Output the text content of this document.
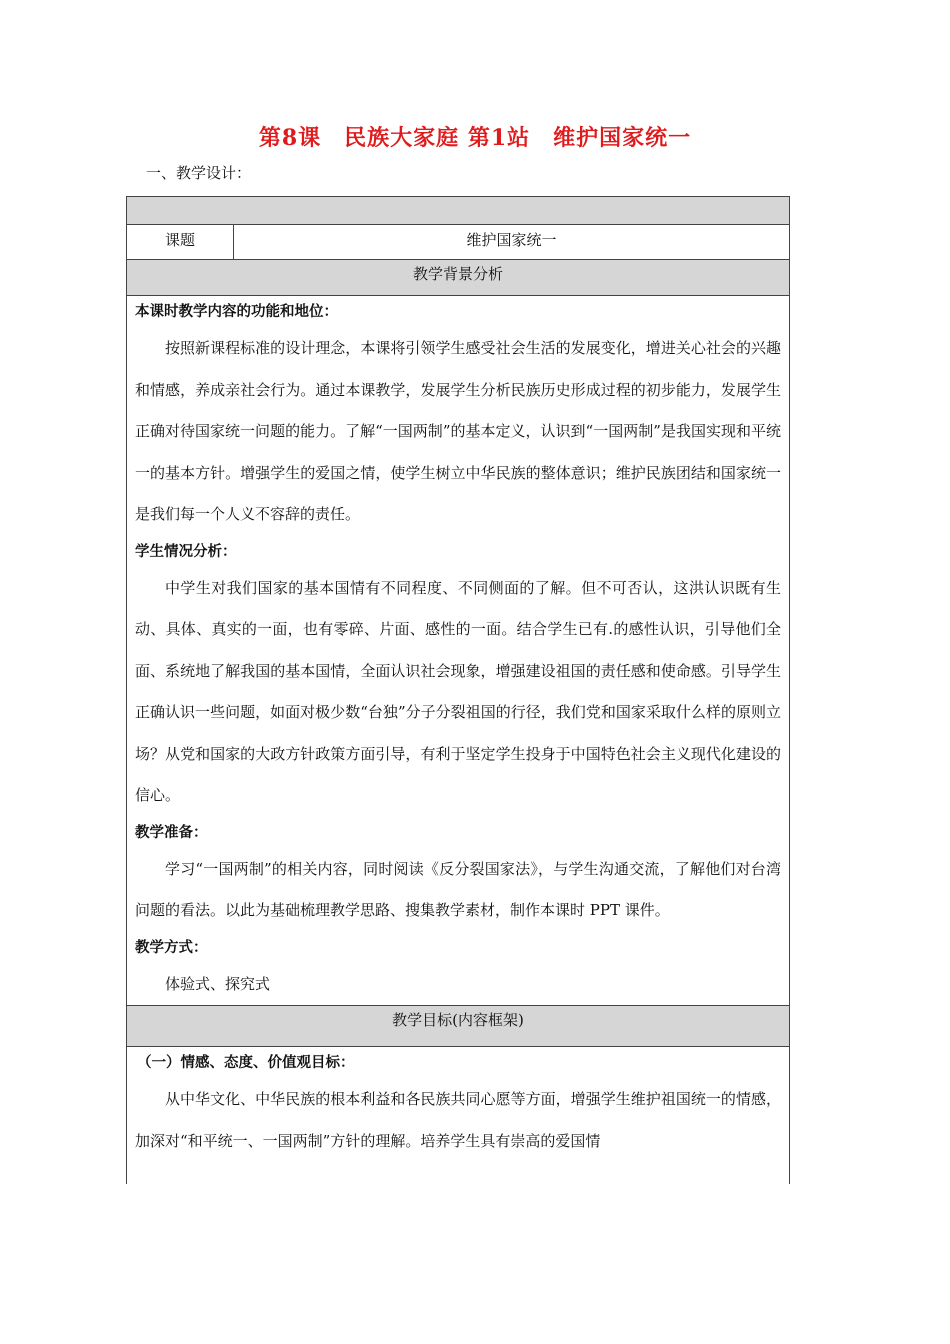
第8课　民族大家庭 第1站　维护国家统一
一、教学设计：
课题	维护国家统一
教学背景分析
本课时教学内容的功能和地位：
按照新课程标准的设计理念，本课将引领学生感受社会生活的发展变化，增进关心社会的兴趣和情感，养成亲社会行为。通过本课教学，发展学生分析民族历史形成过程的初步能力，发展学生正确对待国家统一问题的能力。了解“一国两制”的基本定义，认识到“一国两制”是我国实现和平统一的基本方针。增强学生的爱国之情，使学生树立中华民族的整体意识；维护民族团结和国家统一是我们每一个人义不容辞的责任。
学生情况分析：
中学生对我们国家的基本国情有不同程度、不同侧面的了解。但不可否认，这洪认识既有生动、具体、真实的一面，也有零碎、片面、感性的一面。结合学生已有.的感性认识，引导他们全面、系统地了解我国的基本国情，全面认识社会现象，增强建设祖国的责任感和使命感。引导学生正确认识一些问题，如面对极少数“台独”分子分裂祖国的行径，我们党和国家采取什么样的原则立场？从党和国家的大政方针政策方面引导，有利于坚定学生投身于中国特色社会主义现代化建设的信心。
教学准备：
学习“一国两制”的相关内容，同时阅读《反分裂国家法》，与学生沟通交流，了解他们对台湾问题的看法。以此为基础梳理教学思路、搜集教学素材，制作本课时 PPT 课件。
教学方式：
体验式、探究式
教学目标(内容框架)
（一）情感、态度、价值观目标：
从中华文化、中华民族的根本利益和各民族共同心愿等方面，增强学生维护祖国统一的情感，加深对“和平统一、一国两制”方针的理解。培养学生具有崇高的爱国情
